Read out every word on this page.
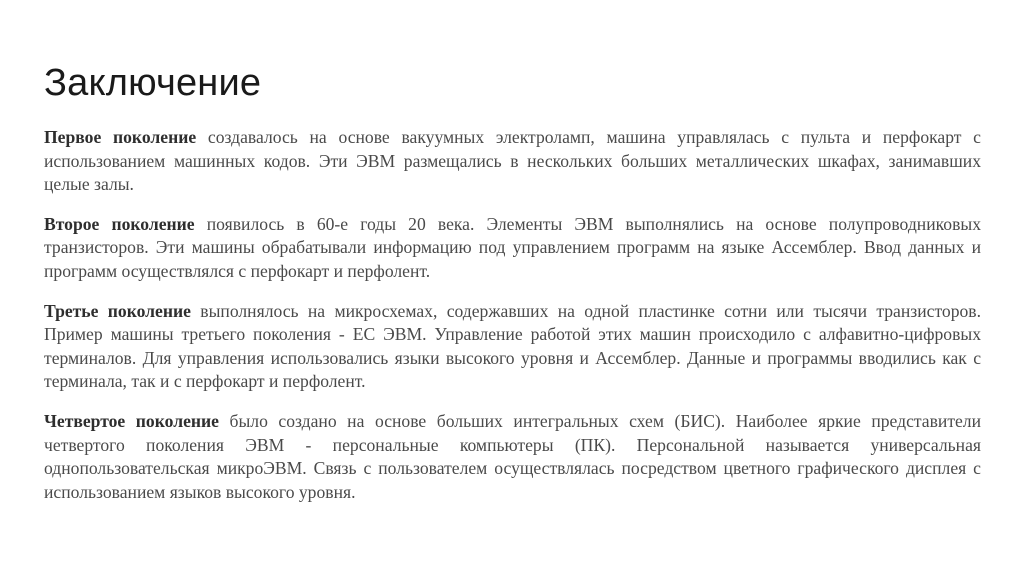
Заключение

Первое поколение создавалось на основе вакуумных электроламп, машина управлялась с пульта и перфокарт с использованием машинных кодов. Эти ЭВМ размещались в нескольких больших металлических шкафах, занимавших целые залы.

Второе поколение появилось в 60-е годы 20 века. Элементы ЭВМ выполнялись на основе полупроводниковых транзисторов. Эти машины обрабатывали информацию под управлением программ на языке Ассемблер. Ввод данных и программ осуществлялся с перфокарт и перфолент.

Третье поколение выполнялось на микросхемах, содержавших на одной пластинке сотни или тысячи транзисторов. Пример машины третьего поколения - ЕС ЭВМ. Управление работой этих машин происходило с алфавитно-цифровых терминалов. Для управления использовались языки высокого уровня и Ассемблер. Данные и программы вводились как с терминала, так и с перфокарт и перфолент.

Четвертое поколение было создано на основе больших интегральных схем (БИС). Наиболее яркие представители четвертого поколения ЭВМ - персональные компьютеры (ПК). Персональной называется универсальная однопользовательская микроЭВМ. Связь с пользователем осуществлялась посредством цветного графического дисплея с использованием языков высокого уровня.
